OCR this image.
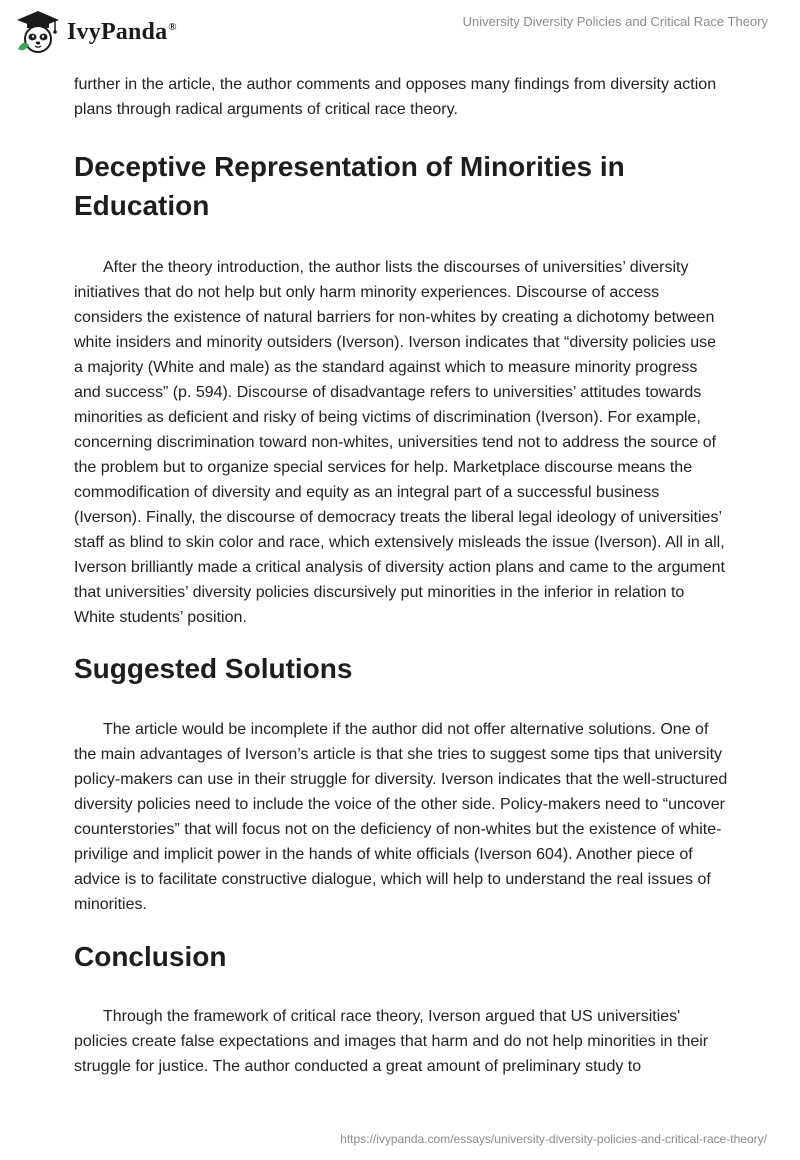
IvyPanda®	University Diversity Policies and Critical Race Theory

further in the article, the author comments and opposes many findings from diversity action plans through radical arguments of critical race theory.

Deceptive Representation of Minorities in Education

After the theory introduction, the author lists the discourses of universities’ diversity initiatives that do not help but only harm minority experiences. Discourse of access considers the existence of natural barriers for non-whites by creating a dichotomy between white insiders and minority outsiders (Iverson). Iverson indicates that “diversity policies use a majority (White and male) as the standard against which to measure minority progress and success” (p. 594). Discourse of disadvantage refers to universities’ attitudes towards minorities as deficient and risky of being victims of discrimination (Iverson). For example, concerning discrimination toward non-whites, universities tend not to address the source of the problem but to organize special services for help. Marketplace discourse means the commodification of diversity and equity as an integral part of a successful business (Iverson). Finally, the discourse of democracy treats the liberal legal ideology of universities’ staff as blind to skin color and race, which extensively misleads the issue (Iverson). All in all, Iverson brilliantly made a critical analysis of diversity action plans and came to the argument that universities’ diversity policies discursively put minorities in the inferior in relation to White students’ position.

Suggested Solutions

The article would be incomplete if the author did not offer alternative solutions. One of the main advantages of Iverson’s article is that she tries to suggest some tips that university policy-makers can use in their struggle for diversity. Iverson indicates that the well-structured diversity policies need to include the voice of the other side. Policy-makers need to “uncover counterstories” that will focus not on the deficiency of non-whites but the existence of white-privilige and implicit power in the hands of white officials (Iverson 604). Another piece of advice is to facilitate constructive dialogue, which will help to understand the real issues of minorities.

Conclusion

Through the framework of critical race theory, Iverson argued that US universities' policies create false expectations and images that harm and do not help minorities in their struggle for justice. The author conducted a great amount of preliminary study to

https://ivypanda.com/essays/university-diversity-policies-and-critical-race-theory/
